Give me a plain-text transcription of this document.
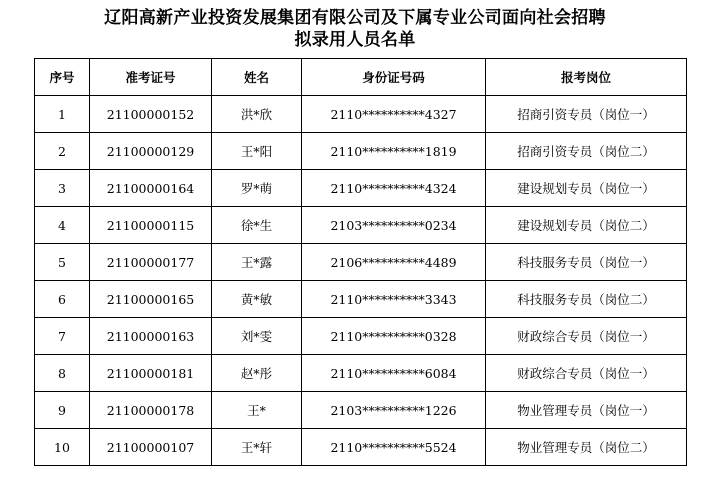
辽阳高新产业投资发展集团有限公司及下属专业公司面向社会招聘
拟录用人员名单
序号	准考证号	姓名	身份证号码	报考岗位
1	21100000152	洪*欣	2110**********4327	招商引资专员（岗位一）
2	21100000129	王*阳	2110**********1819	招商引资专员（岗位二）
3	21100000164	罗*萌	2110**********4324	建设规划专员（岗位一）
4	21100000115	徐*生	2103**********0234	建设规划专员（岗位二）
5	21100000177	王*露	2106**********4489	科技服务专员（岗位一）
6	21100000165	黄*敏	2110**********3343	科技服务专员（岗位二）
7	21100000163	刘*雯	2110**********0328	财政综合专员（岗位一）
8	21100000181	赵*彤	2110**********6084	财政综合专员（岗位一）
9	21100000178	王*	2103**********1226	物业管理专员（岗位一）
10	21100000107	王*轩	2110**********5524	物业管理专员（岗位二）
